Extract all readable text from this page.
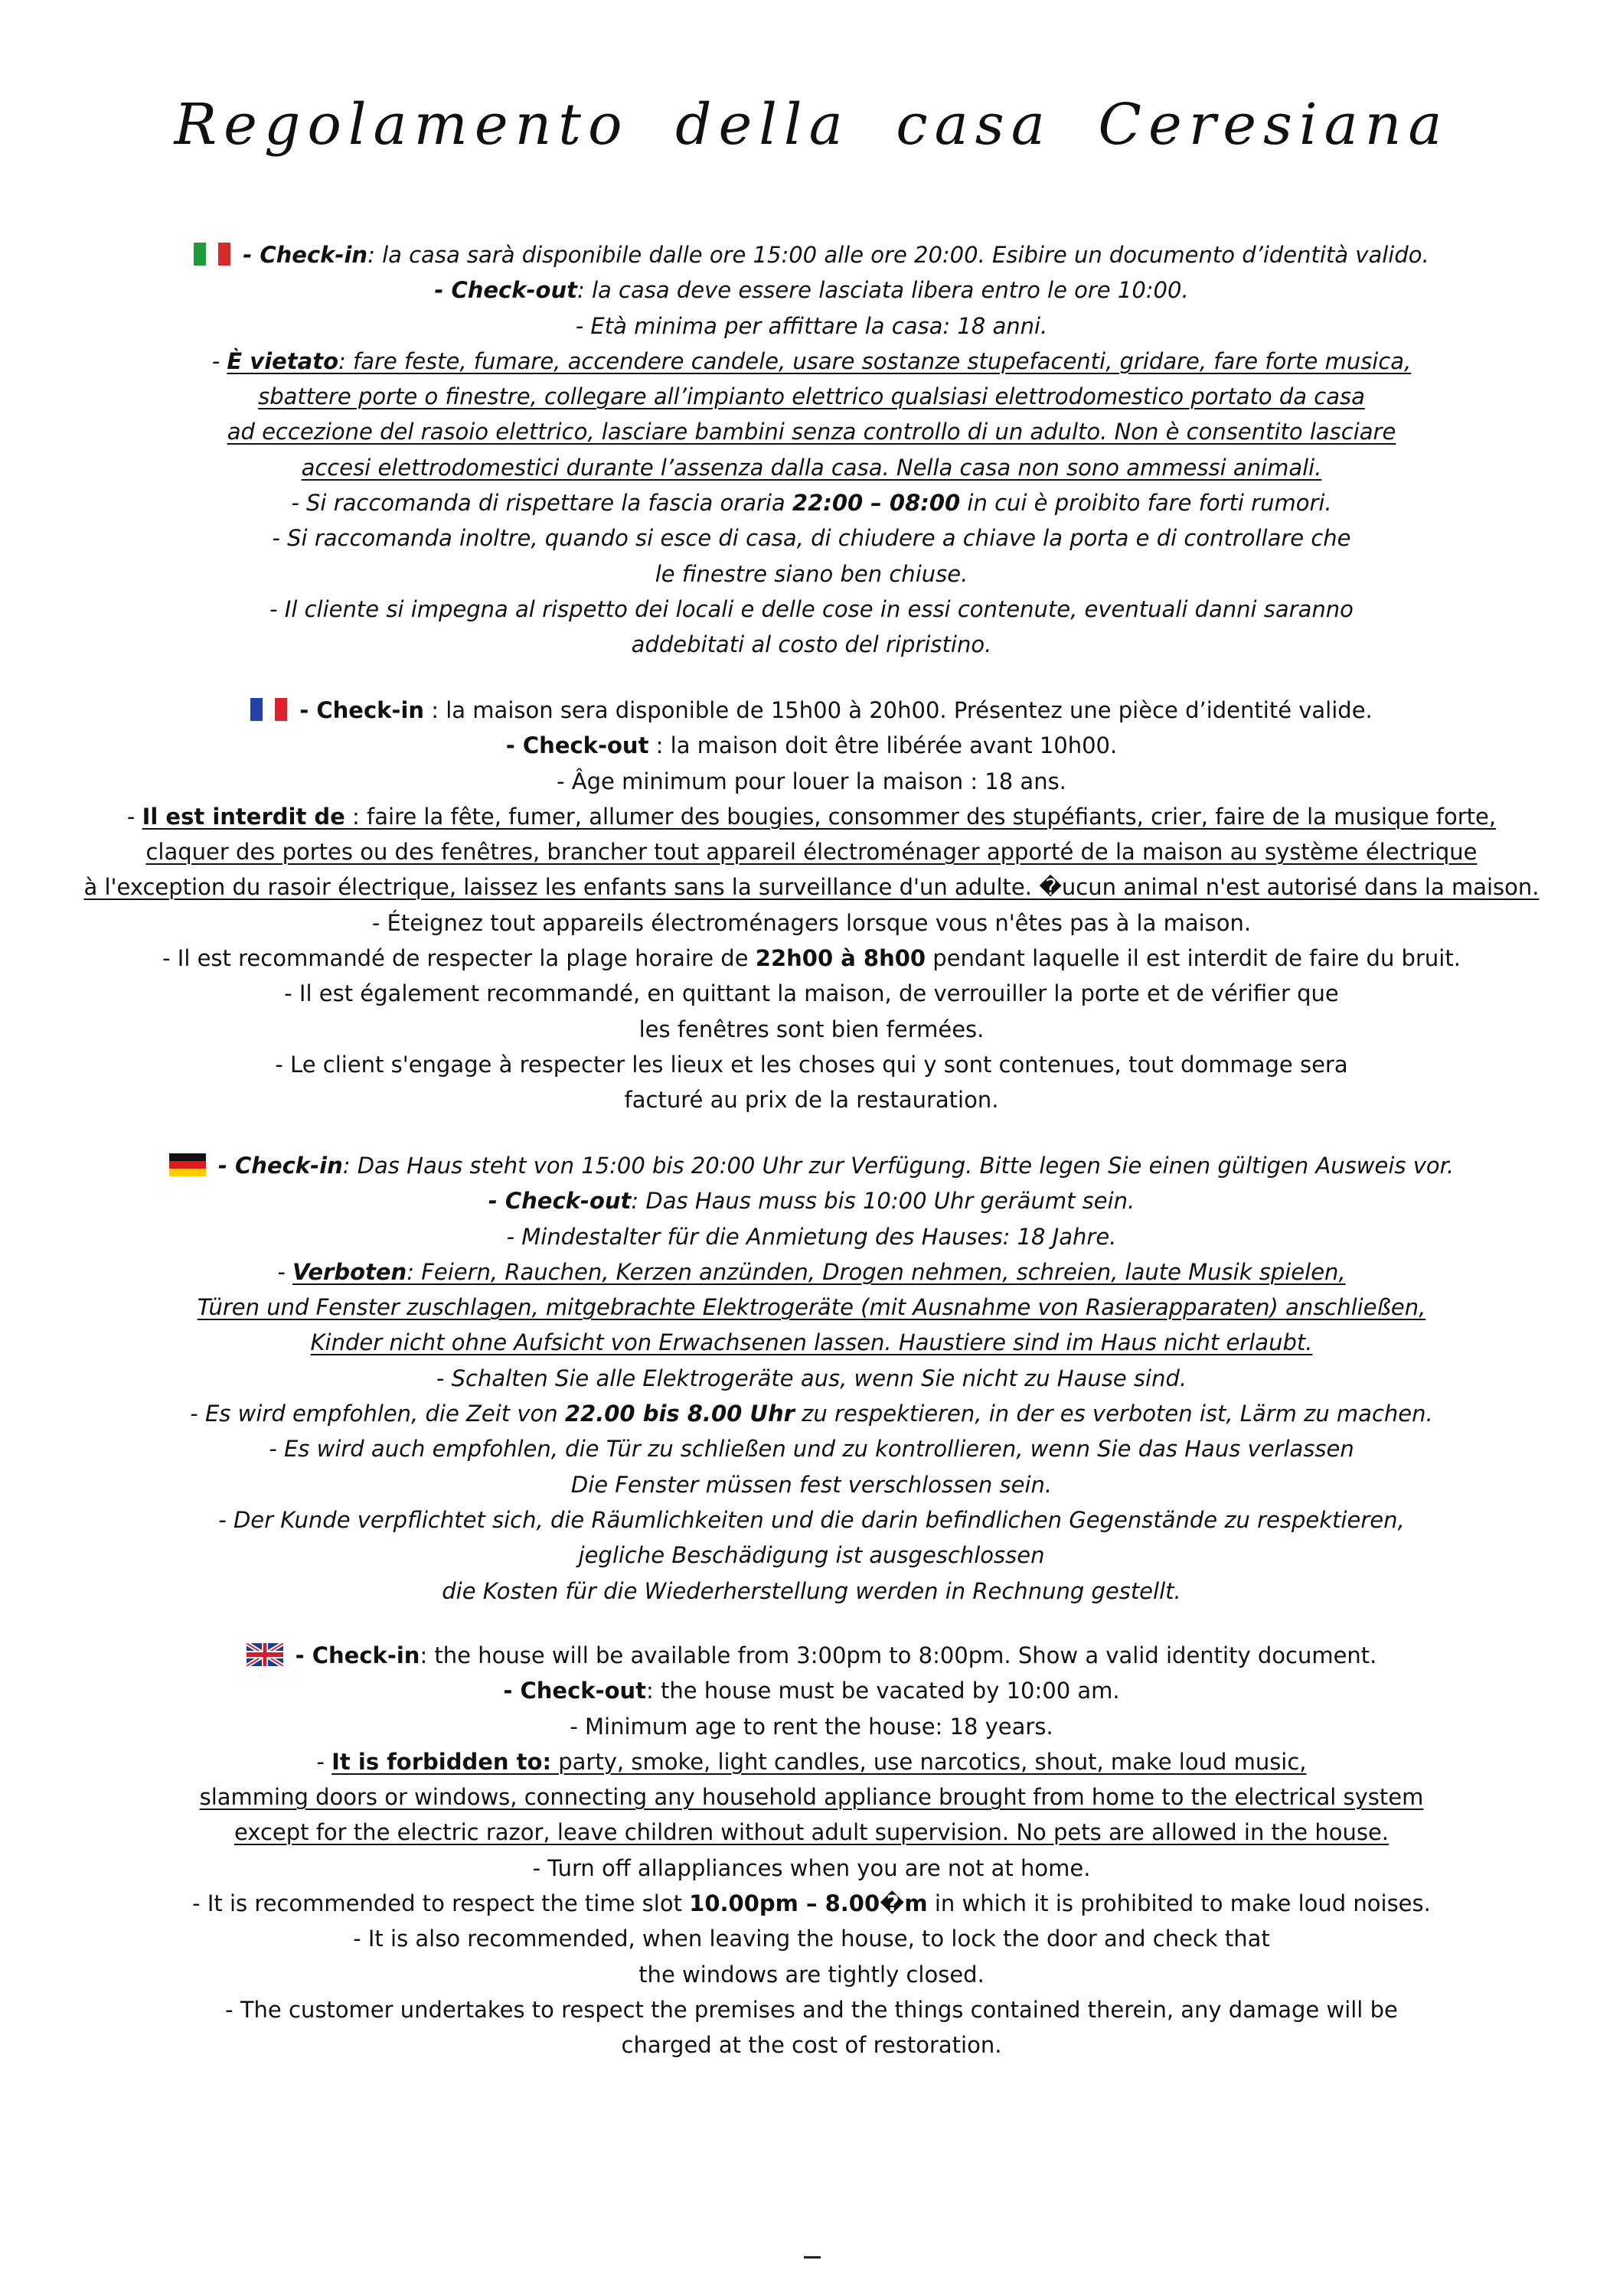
Regolamento della casa Ceresiana
- Check-in: la casa sarà disponibile dalle ore 15:00 alle ore 20:00. Esibire un documento d’identità valido.
- Check-out: la casa deve essere lasciata libera entro le ore 10:00.
- Età minima per affittare la casa: 18 anni.
- È vietato: fare feste, fumare, accendere candele, usare sostanze stupefacenti, gridare, fare forte musica,
sbattere porte o finestre, collegare all’impianto elettrico qualsiasi elettrodomestico portato da casa
ad eccezione del rasoio elettrico, lasciare bambini senza controllo di un adulto. Non è consentito lasciare
accesi elettrodomestici durante l’assenza dalla casa. Nella casa non sono ammessi animali.
- Si raccomanda di rispettare la fascia oraria 22:00 – 08:00 in cui è proibito fare forti rumori.
- Si raccomanda inoltre, quando si esce di casa, di chiudere a chiave la porta e di controllare che
le finestre siano ben chiuse.
- Il cliente si impegna al rispetto dei locali e delle cose in essi contenute, eventuali danni saranno
addebitati al costo del ripristino.
- Check-in : la maison sera disponible de 15h00 à 20h00. Présentez une pièce d’identité valide.
- Check-out : la maison doit être libérée avant 10h00.
- Âge minimum pour louer la maison : 18 ans.
- Il est interdit de : faire la fête, fumer, allumer des bougies, consommer des stupéfiants, crier, faire de la musique forte,
claquer des portes ou des fenêtres, brancher tout appareil électroménager apporté de la maison au système électrique
à l'exception du rasoir électrique, laissez les enfants sans la surveillance d'un adulte. �ucun animal n'est autorisé dans la maison.
- Éteignez tout appareils électroménagers lorsque vous n'êtes pas à la maison.
- Il est recommandé de respecter la plage horaire de 22h00 à 8h00 pendant laquelle il est interdit de faire du bruit.
- Il est également recommandé, en quittant la maison, de verrouiller la porte et de vérifier que
les fenêtres sont bien fermées.
- Le client s'engage à respecter les lieux et les choses qui y sont contenues, tout dommage sera
facturé au prix de la restauration.
- Check-in: Das Haus steht von 15:00 bis 20:00 Uhr zur Verfügung. Bitte legen Sie einen gültigen Ausweis vor.
- Check-out: Das Haus muss bis 10:00 Uhr geräumt sein.
- Mindestalter für die Anmietung des Hauses: 18 Jahre.
- Verboten: Feiern, Rauchen, Kerzen anzünden, Drogen nehmen, schreien, laute Musik spielen,
Türen und Fenster zuschlagen, mitgebrachte Elektrogeräte (mit Ausnahme von Rasierapparaten) anschließen,
Kinder nicht ohne Aufsicht von Erwachsenen lassen. Haustiere sind im Haus nicht erlaubt.
- Schalten Sie alle Elektrogeräte aus, wenn Sie nicht zu Hause sind.
- Es wird empfohlen, die Zeit von 22.00 bis 8.00 Uhr zu respektieren, in der es verboten ist, Lärm zu machen.
- Es wird auch empfohlen, die Tür zu schließen und zu kontrollieren, wenn Sie das Haus verlassen
Die Fenster müssen fest verschlossen sein.
- Der Kunde verpflichtet sich, die Räumlichkeiten und die darin befindlichen Gegenstände zu respektieren,
jegliche Beschädigung ist ausgeschlossen
die Kosten für die Wiederherstellung werden in Rechnung gestellt.
- Check-in: the house will be available from 3:00pm to 8:00pm. Show a valid identity document.
- Check-out: the house must be vacated by 10:00 am.
- Minimum age to rent the house: 18 years.
- It is forbidden to: party, smoke, light candles, use narcotics, shout, make loud music,
slamming doors or windows, connecting any household appliance brought from home to the electrical system
except for the electric razor, leave children without adult supervision. No pets are allowed in the house.
- Turn off allappliances when you are not at home.
- It is recommended to respect the time slot 10.00pm – 8.00�m in which it is prohibited to make loud noises.
- It is also recommended, when leaving the house, to lock the door and check that
the windows are tightly closed.
- The customer undertakes to respect the premises and the things contained therein, any damage will be
charged at the cost of restoration.
